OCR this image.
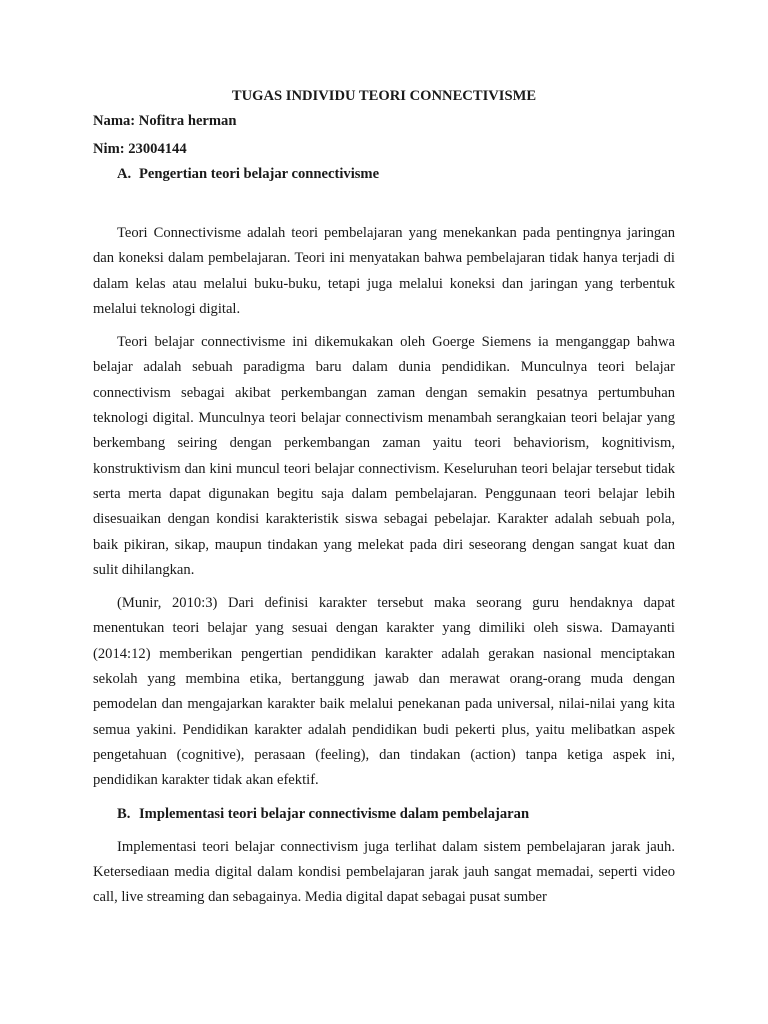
TUGAS INDIVIDU TEORI CONNECTIVISME

Nama: Nofitra herman

Nim: 23004144

A. Pengertian teori belajar connectivisme

Teori Connectivisme adalah teori pembelajaran yang menekankan pada pentingnya jaringan dan koneksi dalam pembelajaran. Teori ini menyatakan bahwa pembelajaran tidak hanya terjadi di dalam kelas atau melalui buku-buku, tetapi juga melalui koneksi dan jaringan yang terbentuk melalui teknologi digital.

Teori belajar connectivisme ini dikemukakan oleh Goerge Siemens ia menganggap bahwa belajar adalah sebuah paradigma baru dalam dunia pendidikan. Munculnya teori belajar connectivism sebagai akibat perkembangan zaman dengan semakin pesatnya pertumbuhan teknologi digital. Munculnya teori belajar connectivism menambah serangkaian teori belajar yang berkembang seiring dengan perkembangan zaman yaitu teori behaviorism, kognitivism, konstruktivism dan kini muncul teori belajar connectivism. Keseluruhan teori belajar tersebut tidak serta merta dapat digunakan begitu saja dalam pembelajaran. Penggunaan teori belajar lebih disesuaikan dengan kondisi karakteristik siswa sebagai pebelajar. Karakter adalah sebuah pola, baik pikiran, sikap, maupun tindakan yang melekat pada diri seseorang dengan sangat kuat dan sulit dihilangkan.

(Munir, 2010:3) Dari definisi karakter tersebut maka seorang guru hendaknya dapat menentukan teori belajar yang sesuai dengan karakter yang dimiliki oleh siswa. Damayanti (2014:12) memberikan pengertian pendidikan karakter adalah gerakan nasional menciptakan sekolah yang membina etika, bertanggung jawab dan merawat orang-orang muda dengan pemodelan dan mengajarkan karakter baik melalui penekanan pada universal, nilai-nilai yang kita semua yakini. Pendidikan karakter adalah pendidikan budi pekerti plus, yaitu melibatkan aspek pengetahuan (cognitive), perasaan (feeling), dan tindakan (action) tanpa ketiga aspek ini, pendidikan karakter tidak akan efektif.

B. Implementasi teori belajar connectivisme dalam pembelajaran

Implementasi teori belajar connectivism juga terlihat dalam sistem pembelajaran jarak jauh. Ketersediaan media digital dalam kondisi pembelajaran jarak jauh sangat memadai, seperti video call, live streaming dan sebagainya. Media digital dapat sebagai pusat sumber
